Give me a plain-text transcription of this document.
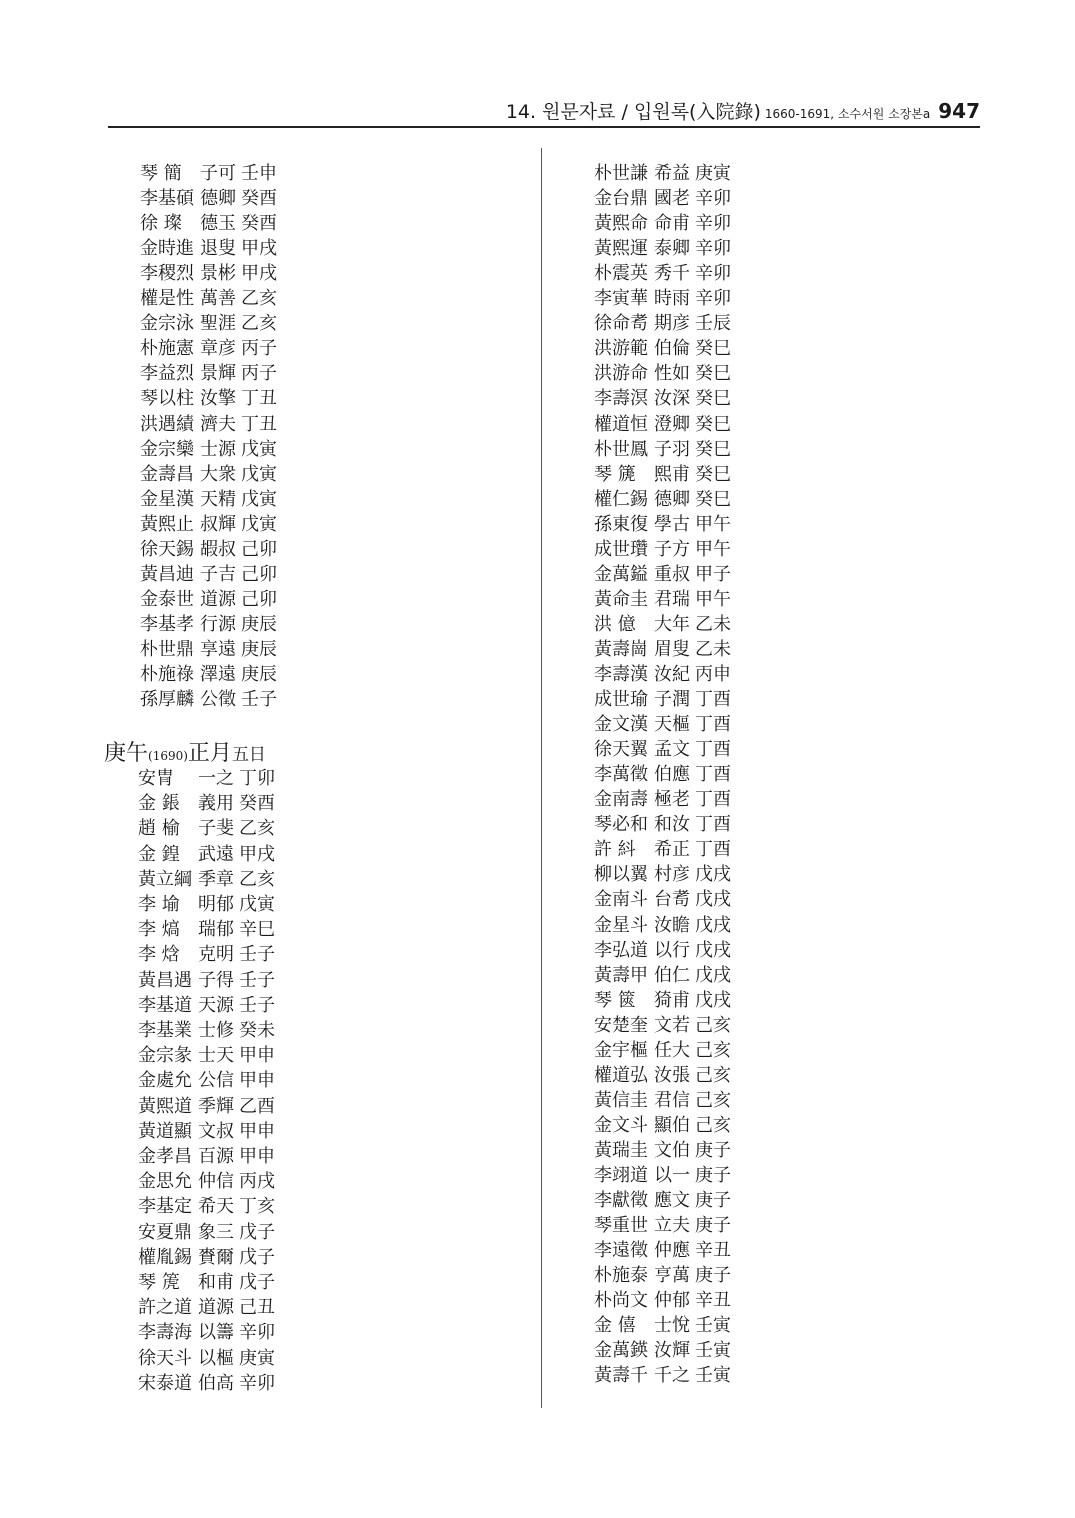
14. 원문자료 / 입원록(入院錄) 1660-1691, 소수서원 소장본a 947
琴 簡 子可 壬申
李基碩 德卿 癸酉
徐 璨 德玉 癸酉
金時進 退叟 甲戌
李稷烈 景彬 甲戌
權是性 萬善 乙亥
金宗泳 聖涯 乙亥
朴施憲 章彦 丙子
李益烈 景輝 丙子
琴以柱 汝擎 丁丑
洪遇績 濟夫 丁丑
金宗欒 士源 戊寅
金壽昌 大衆 戊寅
金星漢 天精 戊寅
黃熙止 叔輝 戊寅
徐天錫 嘏叔 己卯
黃昌迪 子吉 己卯
金泰世 道源 己卯
李基孝 行源 庚辰
朴世鼎 享遠 庚辰
朴施祿 澤遠 庚辰
孫厚麟 公徵 壬子
庚午(1690)正月五日
安冑 一之 丁卯
金 鋹 義用 癸酉
趙 榆 子斐 乙亥
金 鍠 武遠 甲戌
黃立綱 季章 乙亥
李 堬 明郁 戊寅
李 熇 瑞郁 辛巳
李 焓 克明 壬子
黃昌遇 子得 壬子
李基道 天源 壬子
李基業 士修 癸未
金宗彖 士天 甲申
金處允 公信 甲申
黃熙道 季輝 乙酉
黃道顯 文叔 甲申
金孝昌 百源 甲申
金思允 仲信 丙戌
李基定 希天 丁亥
安夏鼎 象三 戊子
權胤錫 賚爾 戊子
琴 箎 和甫 戊子
許之道 道源 己丑
李壽海 以籌 辛卯
徐天斗 以樞 庚寅
宋泰道 伯高 辛卯
朴世謙 希益 庚寅
金台鼎 國老 辛卯
黃熙命 命甫 辛卯
黃熙運 泰卿 辛卯
朴震英 秀千 辛卯
李寅華 時雨 辛卯
徐命耉 期彦 壬辰
洪游範 伯倫 癸巳
洪游命 性如 癸巳
李壽溟 汝深 癸巳
權道恒 澄卿 癸巳
朴世鳳 子羽 癸巳
琴 篪 熙甫 癸巳
權仁錫 德卿 癸巳
孫東復 學古 甲午
成世瓚 子方 甲午
金萬鎰 重叔 甲子
黃命圭 君瑞 甲午
洪 億 大年 乙未
黃壽崗 眉叟 乙未
李壽漢 汝紀 丙申
成世瑜 子潤 丁酉
金文漢 天樞 丁酉
徐天翼 孟文 丁酉
李萬徵 伯應 丁酉
金南壽 極老 丁酉
琴必和 和汝 丁酉
許 紏 希正 丁酉
柳以翼 村彦 戊戌
金南斗 台耉 戊戌
金星斗 汝瞻 戊戌
李弘道 以行 戊戌
黃壽甲 伯仁 戊戌
琴 篋 猗甫 戊戌
安楚奎 文若 己亥
金宇樞 任大 己亥
權道弘 汝張 己亥
黃信圭 君信 己亥
金文斗 顯伯 己亥
黃瑞圭 文伯 庚子
李翊道 以一 庚子
李獻徵 應文 庚子
琴重世 立夫 庚子
李遠徵 仲應 辛丑
朴施泰 亨萬 庚子
朴尚文 仲郁 辛丑
金 僖 士悅 壬寅
金萬鍈 汝輝 壬寅
黃壽千 千之 壬寅
